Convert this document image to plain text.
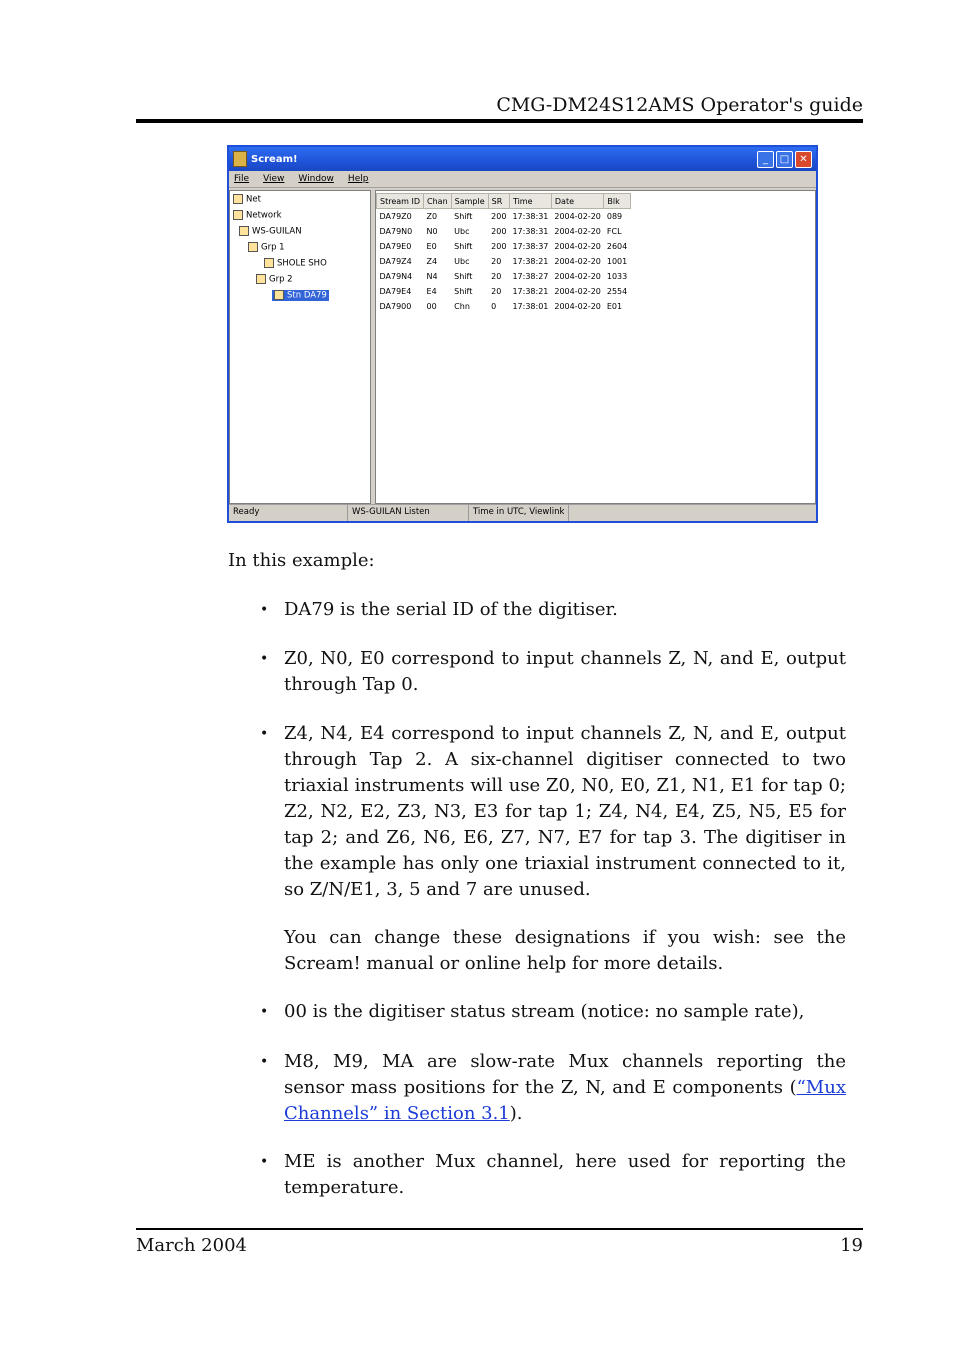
CMG-DM24S12AMS Operator's guide
Scream!	_	□	✕
File View Window Help
Net
Network
WS-GUILAN
Grp 1
SHOLE SHO
Grp 2
Stn DA79
Stream ID	Chan	Sample	SR	Time	Date	Blk
DA79Z0	Z0	Shift	200	17:38:31	2004-02-20	089
DA79N0	N0	Ubc	200	17:38:31	2004-02-20	FCL
DA79E0	E0	Shift	200	17:38:37	2004-02-20	2604
DA79Z4	Z4	Ubc	20	17:38:21	2004-02-20	1001
DA79N4	N4	Shift	20	17:38:27	2004-02-20	1033
DA79E4	E4	Shift	20	17:38:21	2004-02-20	2554
DA7900	00	Chn	0	17:38:01	2004-02-20	E01
Ready	WS-GUILAN Listen	Time in UTC, Viewlink
In this example:
• DA79 is the serial ID of the digitiser.
• Z0, N0, E0 correspond to input channels Z, N, and E, output through Tap 0.
• Z4, N4, E4 correspond to input channels Z, N, and E, output through Tap 2. A six-channel digitiser connected to two triaxial instruments will use Z0, N0, E0, Z1, N1, E1 for tap 0; Z2, N2, E2, Z3, N3, E3 for tap 1; Z4, N4, E4, Z5, N5, E5 for tap 2; and Z6, N6, E6, Z7, N7, E7 for tap 3. The digitiser in the example has only one triaxial instrument connected to it, so Z/N/E1, 3, 5 and 7 are unused.
You can change these designations if you wish: see the Scream! manual or online help for more details.
• 00 is the digitiser status stream (notice: no sample rate),
• M8, M9, MA are slow-rate Mux channels reporting the sensor mass positions for the Z, N, and E components (“Mux Channels” in Section 3.1).
• ME is another Mux channel, here used for reporting the temperature.
March 2004	19
